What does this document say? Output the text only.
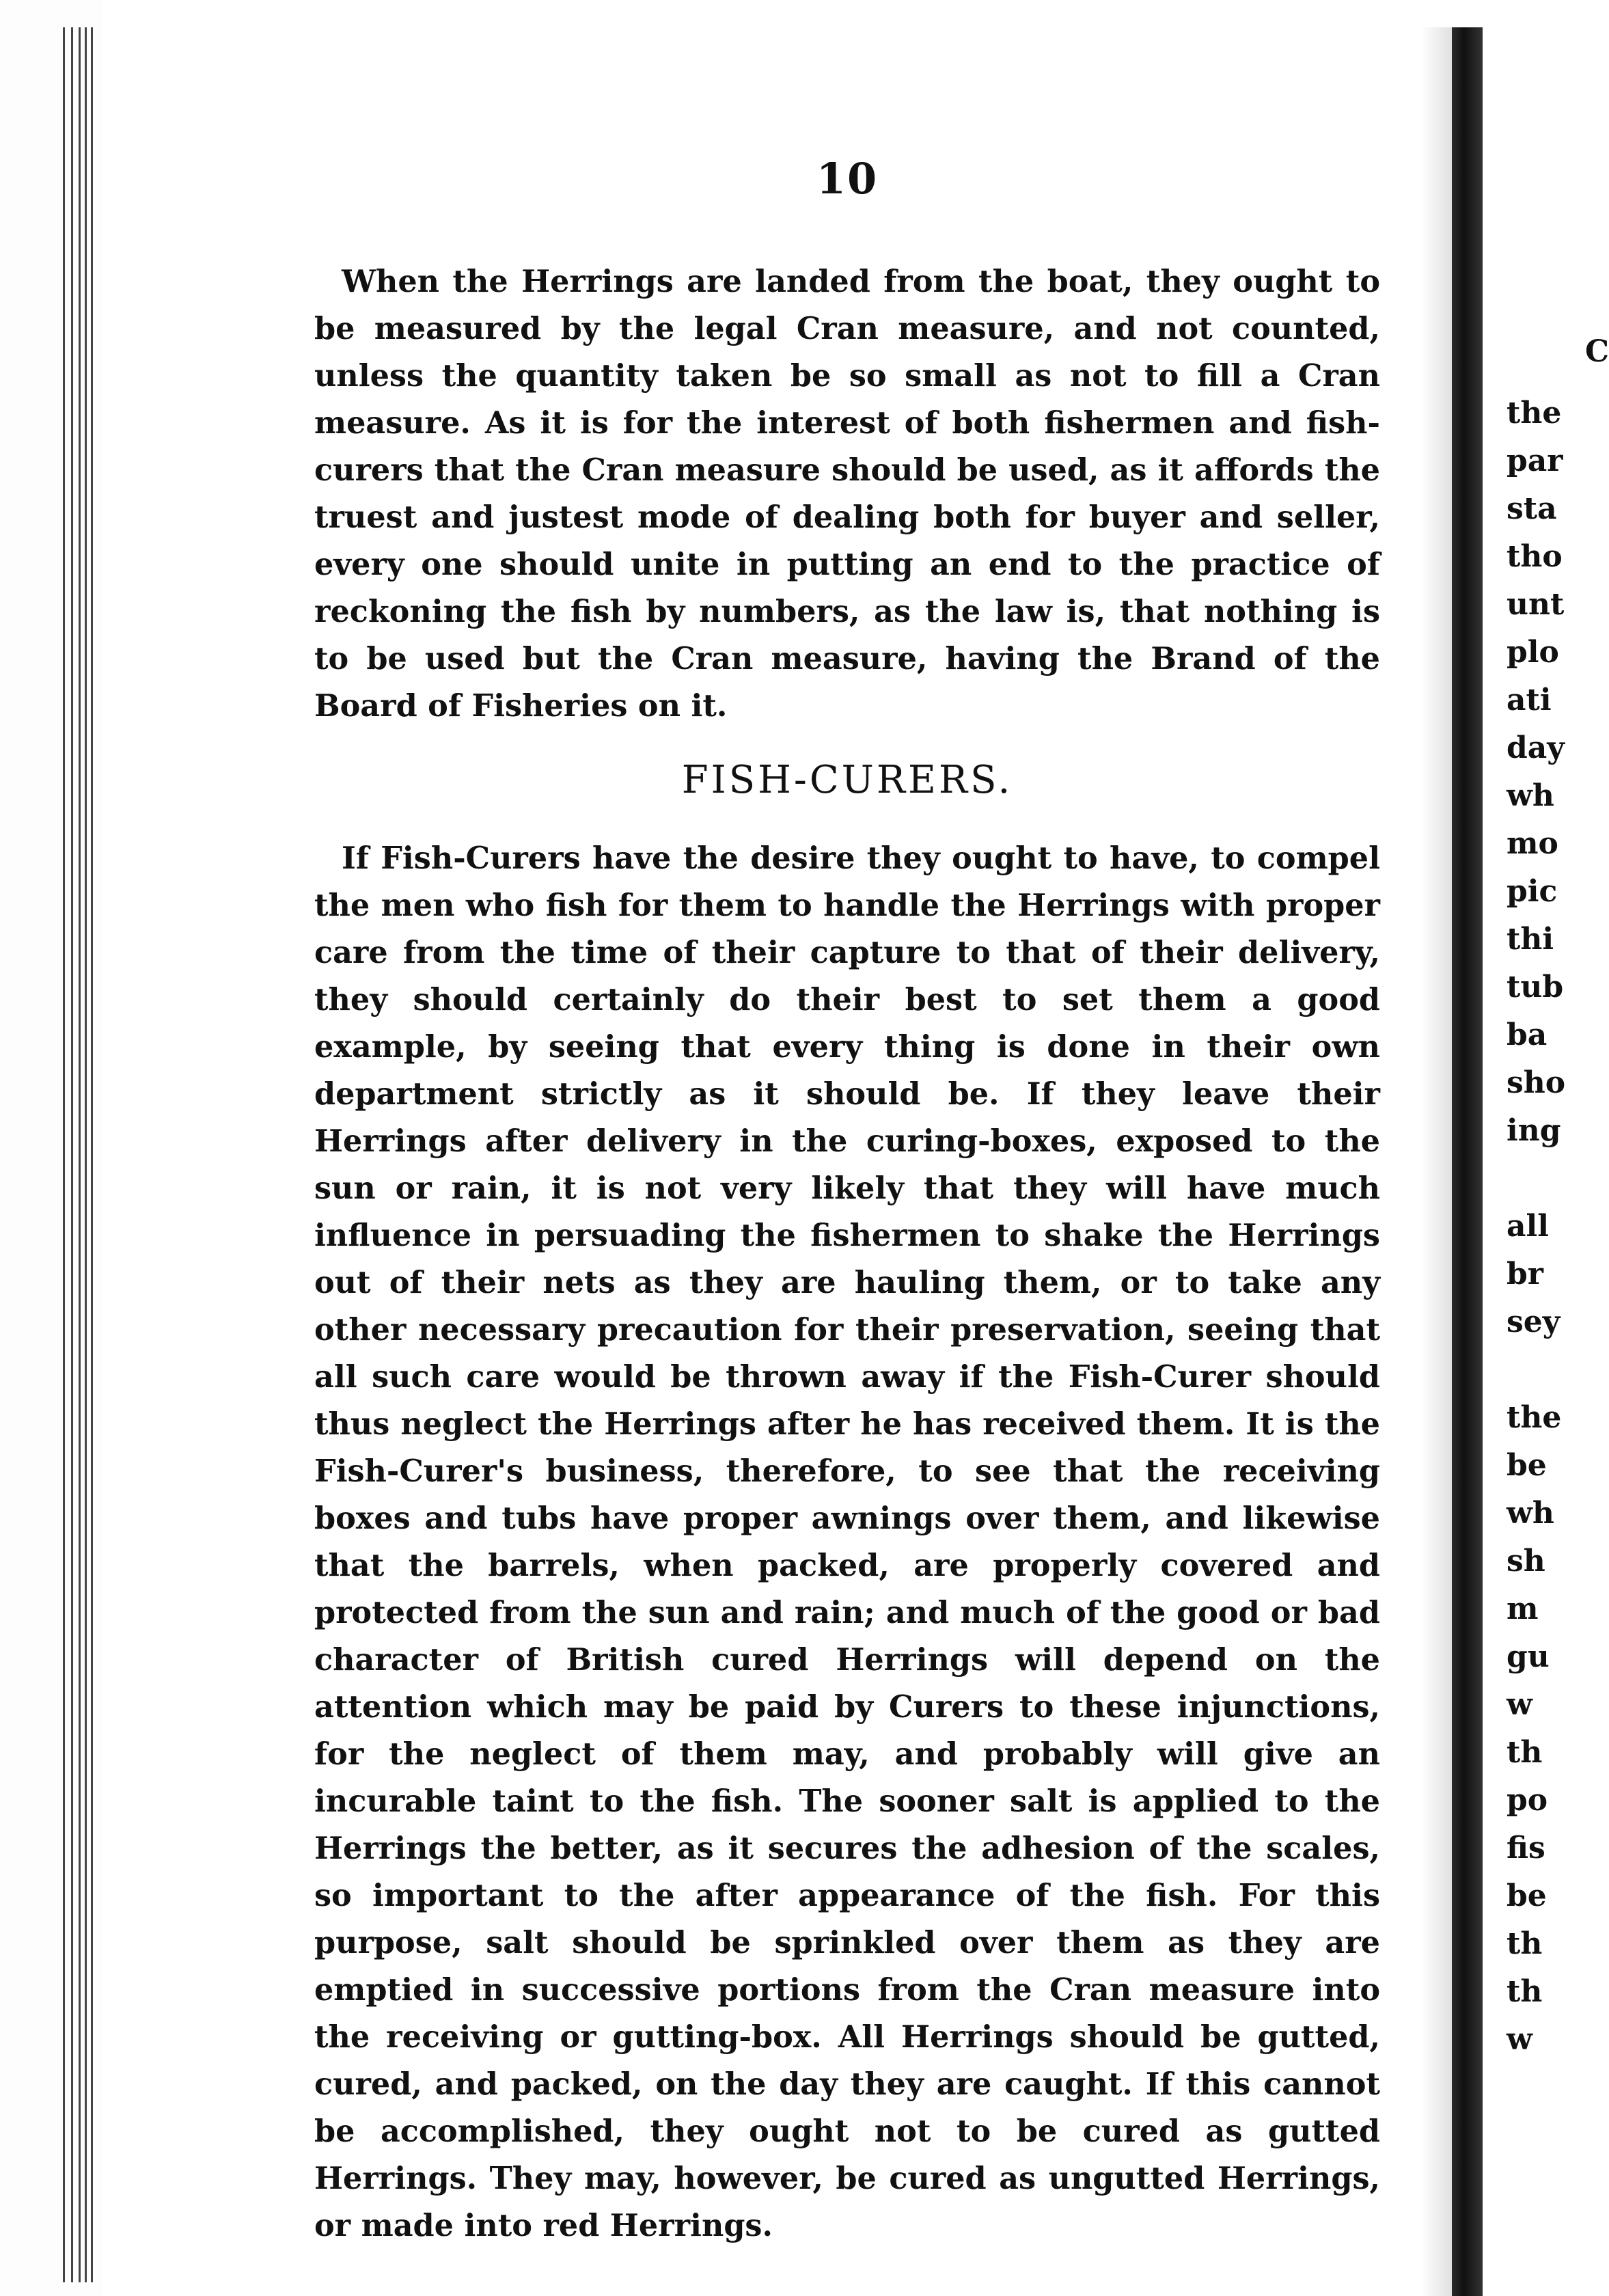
10

When the Herrings are landed from the boat, they ought to be measured by the legal Cran measure, and not counted, unless the quantity taken be so small as not to fill a Cran measure. As it is for the interest of both fishermen and fish-curers that the Cran measure should be used, as it affords the truest and justest mode of dealing both for buyer and seller, every one should unite in putting an end to the practice of reckoning the fish by numbers, as the law is, that nothing is to be used but the Cran measure, having the Brand of the Board of Fisheries on it.

FISH-CURERS.

If Fish-Curers have the desire they ought to have, to compel the men who fish for them to handle the Herrings with proper care from the time of their capture to that of their delivery, they should certainly do their best to set them a good example, by seeing that every thing is done in their own department strictly as it should be. If they leave their Herrings after delivery in the curing-boxes, exposed to the sun or rain, it is not very likely that they will have much influence in persuading the fishermen to shake the Herrings out of their nets as they are hauling them, or to take any other necessary precaution for their preservation, seeing that all such care would be thrown away if the Fish-Curer should thus neglect the Herrings after he has received them. It is the Fish-Curer's business, therefore, to see that the receiving boxes and tubs have proper awnings over them, and likewise that the barrels, when packed, are properly covered and protected from the sun and rain; and much of the good or bad character of British cured Herrings will depend on the attention which may be paid by Curers to these injunctions, for the neglect of them may, and probably will give an incurable taint to the fish. The sooner salt is applied to the Herrings the better, as it secures the adhesion of the scales, so important to the after appearance of the fish. For this purpose, salt should be sprinkled over them as they are emptied in successive portions from the Cran measure into the receiving or gutting-box. All Herrings should be gutted, cured, and packed, on the day they are caught. If this cannot be accomplished, they ought not to be cured as gutted Herrings. They may, however, be cured as ungutted Herrings, or made into red Herrings.

C
the
par
sta
tho
unt
plo
ati
day
wh
mo
pic
thi
tub
ba
sho
ing
all
br
sey
the
be
wh
sh
m
gu
w
th
po
fis
be
th
th
w
